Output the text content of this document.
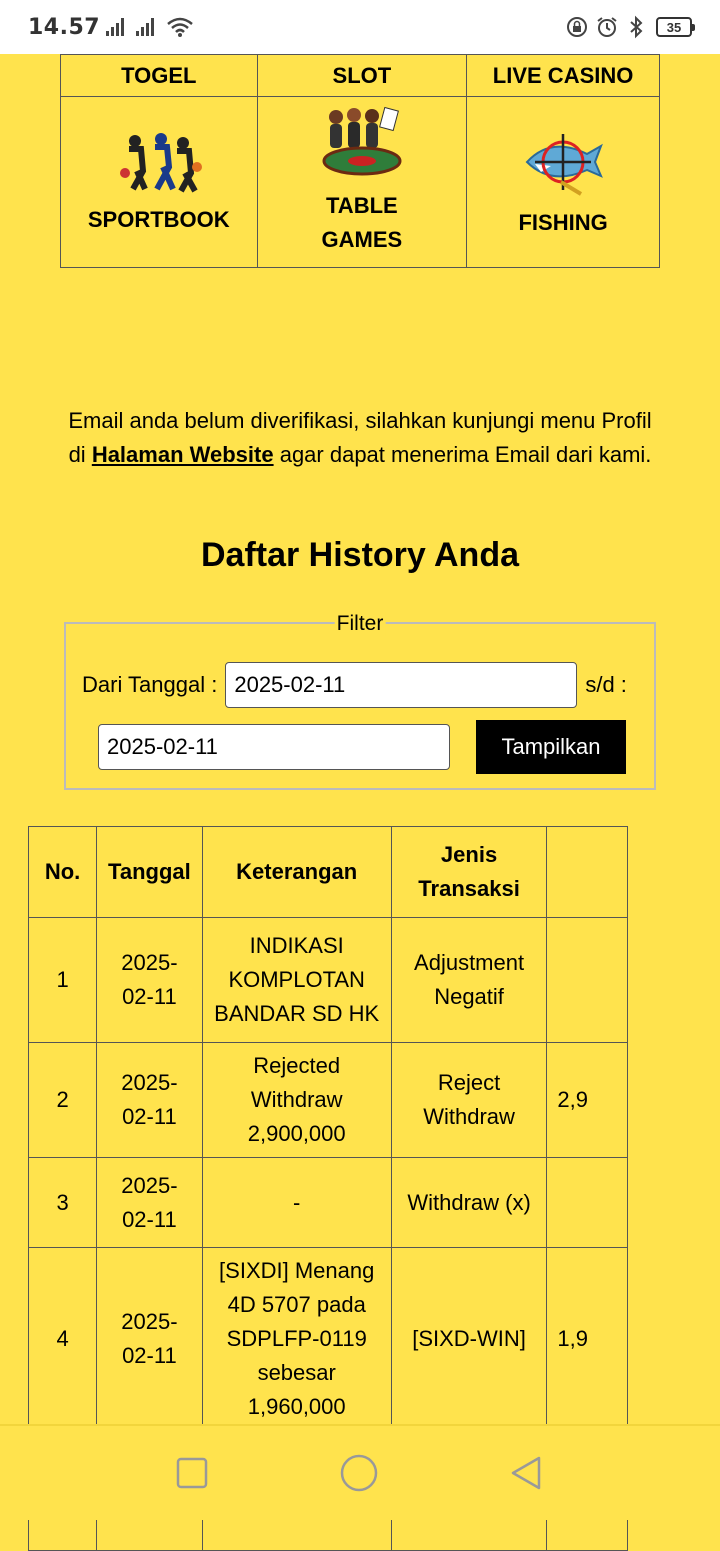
14.57	35
TOGEL	SLOT	LIVE CASINO

SPORTBOOK	TABLE GAMES	FISHING

Email anda belum diverifikasi, silahkan kunjungi menu Profil di Halaman Website agar dapat menerima Email dari kami.

Daftar History Anda
Filter
Dari Tanggal :
2025-02-11	s/d :
2025-02-11
Tampilkan
No.	Tanggal	Keterangan	Jenis Transaksi	
1	2025-02-11	INDIKASI KOMPLOTAN BANDAR SD HK	Adjustment Negatif	
2	2025-02-11	Rejected Withdraw 2,900,000	Reject Withdraw	2,9
3	2025-02-11	-	Withdraw (x)	
4	2025-02-11	[SIXDI] Menang 4D 5707 pada SDPLFP-0119 sebesar 1,960,000	[SIXD-WIN]	1,9
